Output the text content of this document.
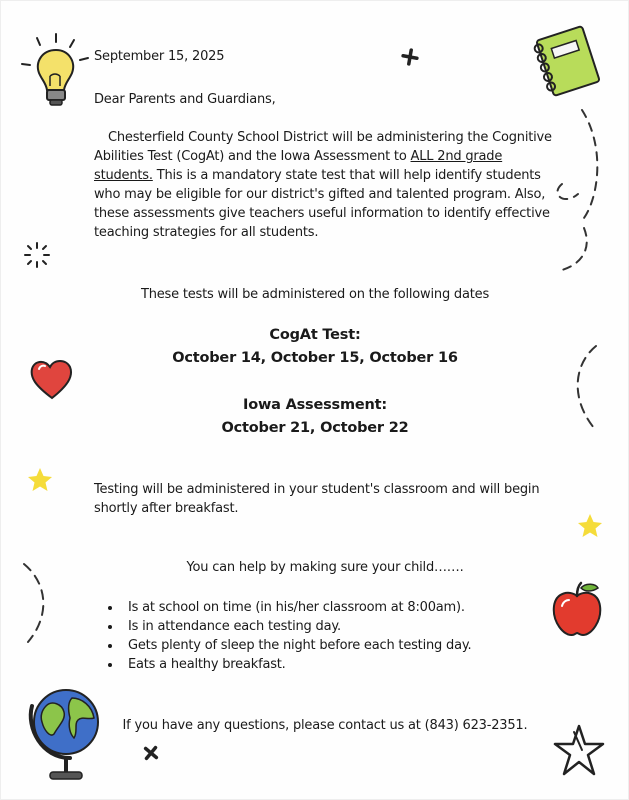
September 15, 2025
Dear Parents and Guardians,
Chesterfield County School District will be administering the Cognitive Abilities Test (CogAt) and the Iowa Assessment to ALL 2nd grade students. This is a mandatory state test that will help identify students who may be eligible for our district's gifted and talented program. Also, these assessments give teachers useful information to identify effective teaching strategies for all students.
These tests will be administered on the following dates
CogAt Test:
October 14, October 15, October 16
Iowa Assessment:
October 21, October 22
Testing will be administered in your student's classroom and will begin shortly after breakfast.
You can help by making sure your child…….
• Is at school on time (in his/her classroom at 8:00am).
• Is in attendance each testing day.
• Gets plenty of sleep the night before each testing day.
• Eats a healthy breakfast.
If you have any questions, please contact us at (843) 623-2351.
